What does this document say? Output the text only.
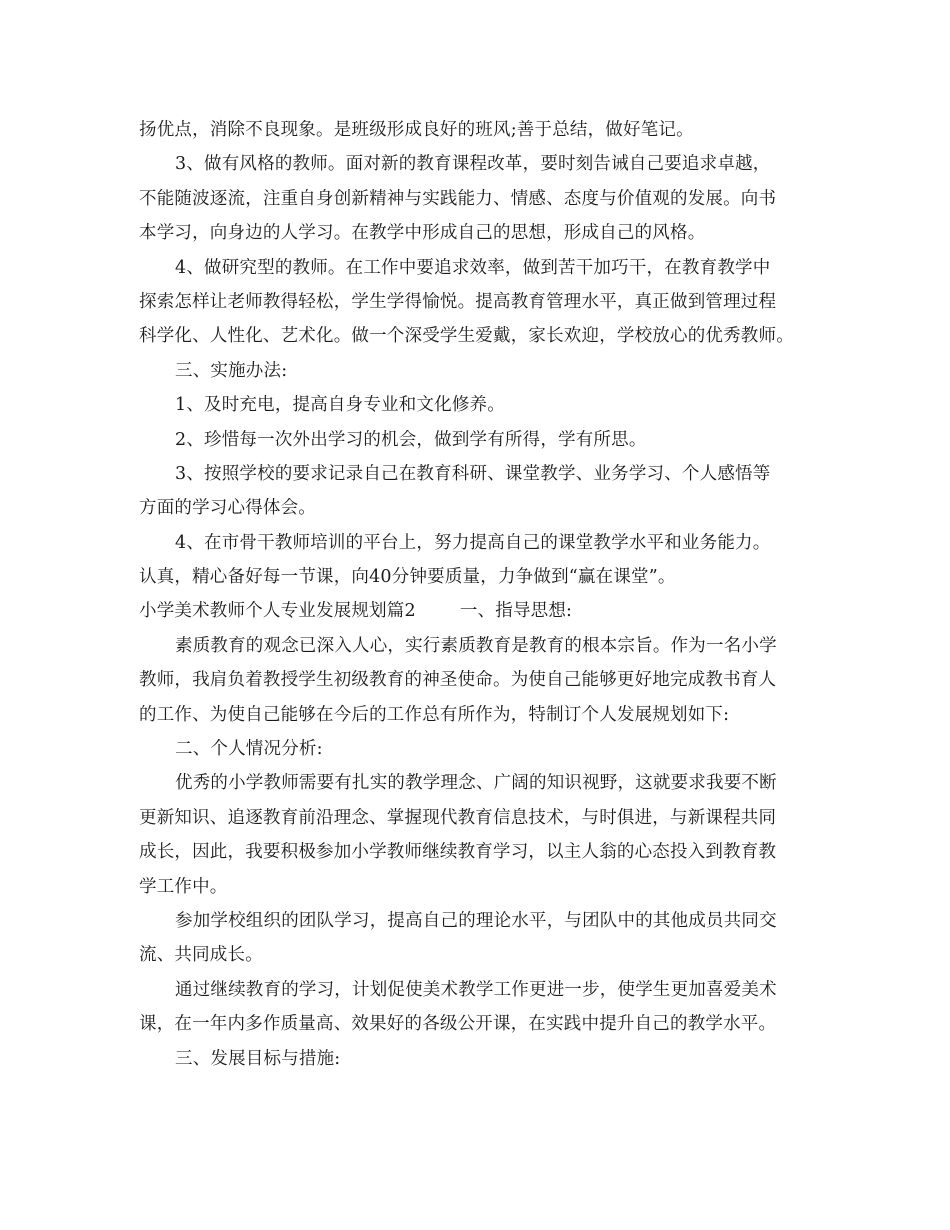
扬优点，消除不良现象。是班级形成良好的班风;善于总结，做好笔记。
3、做有风格的教师。面对新的教育课程改革，要时刻告诫自己要追求卓越，
不能随波逐流，注重自身创新精神与实践能力、情感、态度与价值观的发展。向书
本学习，向身边的人学习。在教学中形成自己的思想，形成自己的风格。
4、做研究型的教师。在工作中要追求效率，做到苦干加巧干，在教育教学中
探索怎样让老师教得轻松，学生学得愉悦。提高教育管理水平，真正做到管理过程
科学化、人性化、艺术化。做一个深受学生爱戴，家长欢迎，学校放心的优秀教师。
三、实施办法:
1、及时充电，提高自身专业和文化修养。
2、珍惜每一次外出学习的机会，做到学有所得，学有所思。
3、按照学校的要求记录自己在教育科研、课堂教学、业务学习、个人感悟等
方面的学习心得体会。
4、在市骨干教师培训的平台上，努力提高自己的课堂教学水平和业务能力。
认真，精心备好每一节课，向40分钟要质量，力争做到“赢在课堂”。
小学美术教师个人专业发展规划篇2	一、指导思想:
素质教育的观念已深入人心，实行素质教育是教育的根本宗旨。作为一名小学
教师，我肩负着教授学生初级教育的神圣使命。为使自己能够更好地完成教书育人
的工作、为使自己能够在今后的工作总有所作为，特制订个人发展规划如下:
二、个人情况分析:
优秀的小学教师需要有扎实的教学理念、广阔的知识视野，这就要求我要不断
更新知识、追逐教育前沿理念、掌握现代教育信息技术，与时俱进，与新课程共同
成长，因此，我要积极参加小学教师继续教育学习，以主人翁的心态投入到教育教
学工作中。
参加学校组织的团队学习，提高自己的理论水平，与团队中的其他成员共同交
流、共同成长。
通过继续教育的学习，计划促使美术教学工作更进一步，使学生更加喜爱美术
课，在一年内多作质量高、效果好的各级公开课，在实践中提升自己的教学水平。
三、发展目标与措施:
